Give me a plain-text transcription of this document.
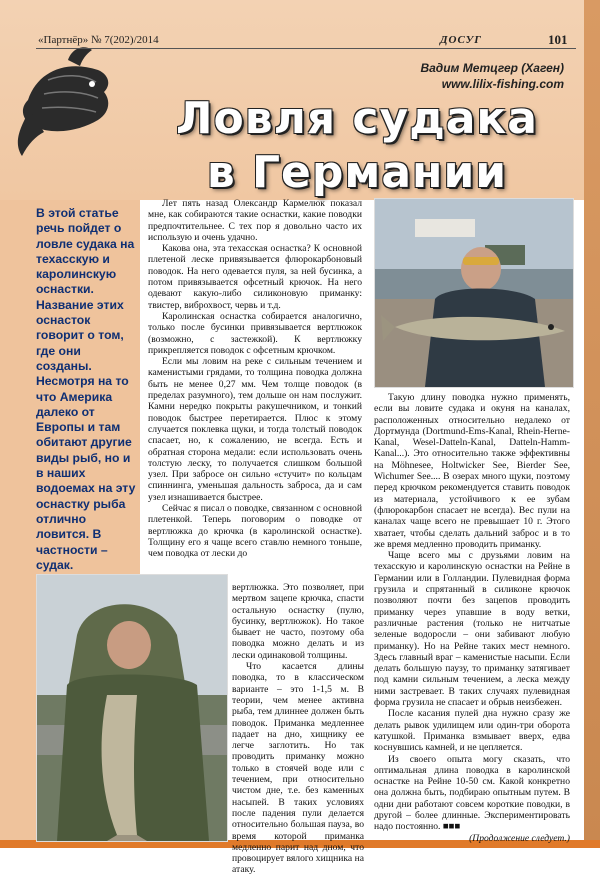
«Партнёр» № 7(202)/2014	ДОСУГ	101
Вадим Метцгер (Хаген)
www.lilix-fishing.com
Ловля судака
в Германии
В этой статье речь пойдет о ловле судака на техасскую и каролинскую оснастки. Название этих оснасток говорит о том, где они созданы. Несмотря на то что Америка далеко от Европы и там обитают другие виды рыб, но и в наших водоемах на эту оснастку рыба отлично ловится. В частности – судак.

Лет пять назад Олександр Кармелюк показал мне, как собираются такие оснастки, какие поводки предпочтительнее. С тех пор я довольно часто их использую и очень удачно.

Какова она, эта техасская оснастка? К основной плетеной леске привязывается флюрокарбоновый поводок. На него одевается пуля, за ней бусинка, а потом привязывается офсетный крючок. На него одевают какую-либо силиконовую приманку: твистер, виброхвост, червь и т.д.

Каролинская оснастка собирается аналогично, только после бусинки привязывается вертлюжок (возможно, с застежкой). К вертлюжку прикрепляется поводок с офсетным крючком.

Если мы ловим на реке с сильным течением и каменистыми грядами, то толщина поводка должна быть не менее 0,27 мм. Чем толще поводок (в пределах разумного), тем дольше он нам послужит. Камни нередко покрыты ракушечником, и тонкий поводок быстрее перетирается. Плюс к этому случается поклевка щуки, и тогда толстый поводок спасает, но, к сожалению, не всегда. Есть и обратная сторона медали: если использовать очень толстую леску, то получается слишком большой узел. При забросе он сильно «стучит» по кольцам спиннинга, уменьшая дальность заброса, да и сам узел изнашивается быстрее.

Сейчас я писал о поводке, связанном с основной плетенкой. Теперь поговорим о поводке от вертлюжка до крючка (в каролинской оснастке). Толщину его я чаще всего ставлю немного тоньше, чем поводка от лески до

Такую длину поводка нужно применять, если вы ловите судака и окуня на каналах, расположенных относительно недалеко от Дортмунда (Dortmund-Ems-Kanal, Rhein-Herne-Kanal, Wesel-Datteln-Kanal, Datteln-Hamm-Kanal...). Это относительно также эффективны на Möhnesee, Holtwicker See, Bierder See, Wichumer See.... В озерах много щуки, поэтому перед крючком рекомендуется ставить поводок из материала, устойчивого к ее зубам (флюрокарбон спасает не всегда). Вес пули на каналах чаще всего не превышает 10 г. Этого хватает, чтобы сделать дальний заброс и в то же время медленно проводить приманку.

Чаще всего мы с друзьями ловим на техасскую и каролинскую оснастки на Рейне в Германии или в Голландии. Пулевидная форма грузила и спрятанный в силиконе крючок позволяют почти без зацепов проводить приманку через упавшие в воду ветки, различные растения (только не нитчатые зеленые водоросли – они забивают любую приманку). Но на Рейне таких мест немного. Здесь главный враг – каменистые насыпи. Если делать большую паузу, то приманку затягивает под камни сильным течением, а леска между ними застревает. В таких случаях пулевидная форма грузила не спасает и обрыв неизбежен.

После касания пулей дна нужно сразу же делать рывок удилищем или один-три оборота катушкой. Приманка взмывает вверх, едва коснувшись камней, и не цепляется.

Из своего опыта могу сказать, что оптимальная длина поводка в каролинской оснастке на Рейне 10-50 см. Какой конкретно она должна быть, подбираю опытным путем. В одни дни работают совсем короткие поводки, в другой – более длинные. Экспериментировать надо постоянно. ■■■

(Продолжение следует.)

вертлюжка. Это позволяет, при мертвом зацепе крючка, спасти остальную оснастку (пулю, бусинку, вертлюжок). Но такое бывает не часто, поэтому оба поводка можно делать и из лески одинаковой толщины.

Что касается длины поводка, то в классическом варианте – это 1-1,5 м. В теории, чем менее активна рыба, тем длиннее должен быть поводок. Приманка медленнее падает на дно, хищнику ее легче заглотить. Но так проводить приманку можно только в стоячей воде или с течением, при относительно чистом дне, т.е. без каменных насыпей. В таких условиях после падения пули делается относительно большая пауза, во время которой приманка медленно парит над дном, что провоцирует вялого хищника на атаку.
